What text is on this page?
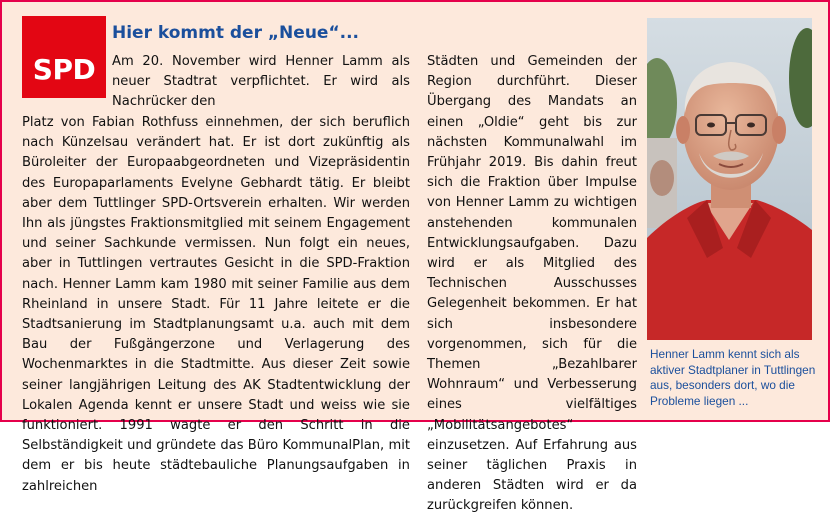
SPD
Hier kommt der „Neue“...

Am 20. November wird Henner Lamm als neuer Stadtrat verpflichtet. Er wird als Nachrücker den

Platz von Fabian Rothfuss einnehmen, der sich beruflich nach Künzelsau verändert hat. Er ist dort zukünftig als Büroleiter der Europaabgeordneten und Vizepräsidentin des Europaparlaments Evelyne Gebhardt tätig. Er bleibt aber dem Tuttlinger SPD-Ortsverein erhalten. Wir werden Ihn als jüngstes Fraktionsmitglied mit seinem Engagement und seiner Sachkunde vermissen. Nun folgt ein neues, aber in Tuttlingen vertrautes Gesicht in die SPD-Fraktion nach. Henner Lamm kam 1980 mit seiner Familie aus dem Rheinland in unsere Stadt. Für 11 Jahre leitete er die Stadtsanierung im Stadtplanungsamt u.a. auch mit dem Bau der Fußgängerzone und Verlagerung des Wochenmarktes in die Stadtmitte. Aus dieser Zeit sowie seiner langjährigen Leitung des AK Stadtentwicklung der Lokalen Agenda kennt er unsere Stadt und weiss wie sie funktioniert. 1991 wagte er den Schritt in die Selbständigkeit und gründete das Büro KommunalPlan, mit dem er bis heute städtebauliche Planungsaufgaben in zahlreichen

Städten und Gemeinden der Region durchführt. Dieser Übergang des Mandats an einen „Oldie“ geht bis zur nächsten Kommunalwahl im Frühjahr 2019. Bis dahin freut sich die Fraktion über Impulse von Henner Lamm zu wichtigen anstehenden kommunalen Entwicklungsaufgaben. Dazu wird er als Mitglied des Technischen Ausschusses Gelegenheit bekommen. Er hat sich insbesondere vorgenommen, sich für die Themen „Bezahlbarer Wohnraum“ und Verbesserung eines vielfältiges „Mobilitätsangebotes“ einzusetzen. Auf Erfahrung aus seiner täglichen Praxis in anderen Städten wird er da zurückgreifen können.

Henner Lamm kennt sich als aktiver Stadtplaner in Tuttlingen aus, besonders dort, wo die Probleme liegen ...
